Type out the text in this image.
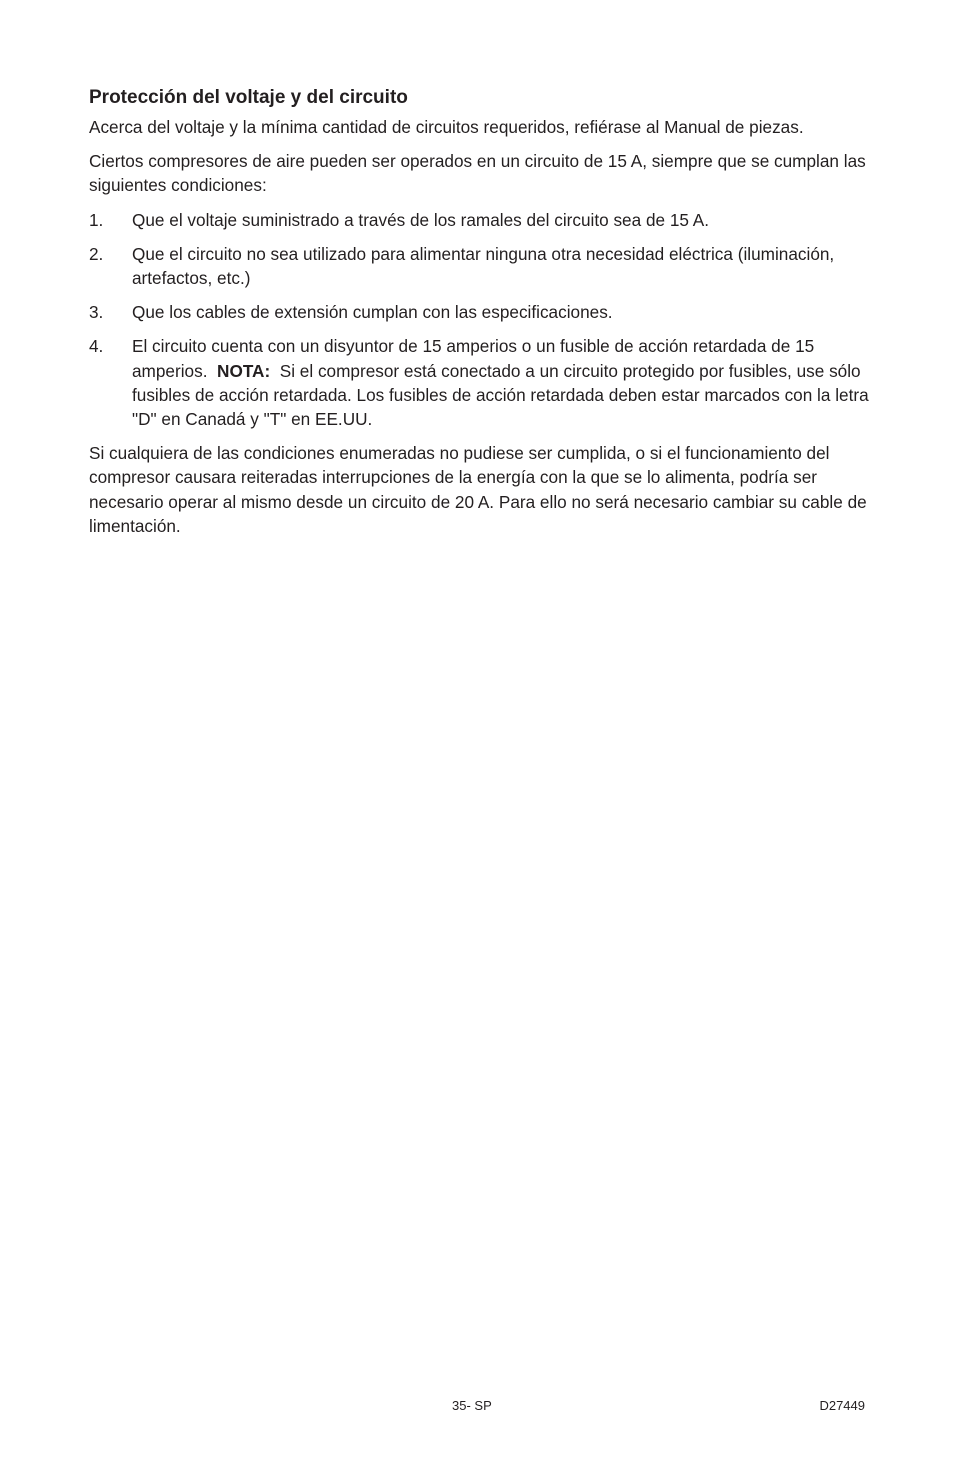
Protección del voltaje y del circuito

Acerca del voltaje y la mínima cantidad de circuitos requeridos, refiérase al Manual de piezas.

Ciertos compresores de aire pueden ser operados en un circuito de 15 A, siempre que se cumplan las siguientes condiciones:

1.	Que el voltaje suministrado a través de los ramales del circuito sea de 15 A.
2.	Que el circuito no sea utilizado para alimentar ninguna otra necesidad eléctrica (iluminación, artefactos, etc.)
3.	Que los cables de extensión cumplan con las especificaciones.
4.	El circuito cuenta con un disyuntor de 15 amperios o un fusible de acción retardada de 15 amperios. NOTA: Si el compresor está conectado a un circuito protegido por fusibles, use sólo fusibles de acción retardada. Los fusibles de acción retardada deben estar marcados con la letra "D" en Canadá y "T" en EE.UU.

Si cualquiera de las condiciones enumeradas no pudiese ser cumplida, o si el funcionamiento del compresor causara reiteradas interrupciones de la energía con la que se lo alimenta, podría ser necesario operar al mismo desde un circuito de 20 A. Para ello no será necesario cambiar su cable de limentación.

35- SP	D27449
